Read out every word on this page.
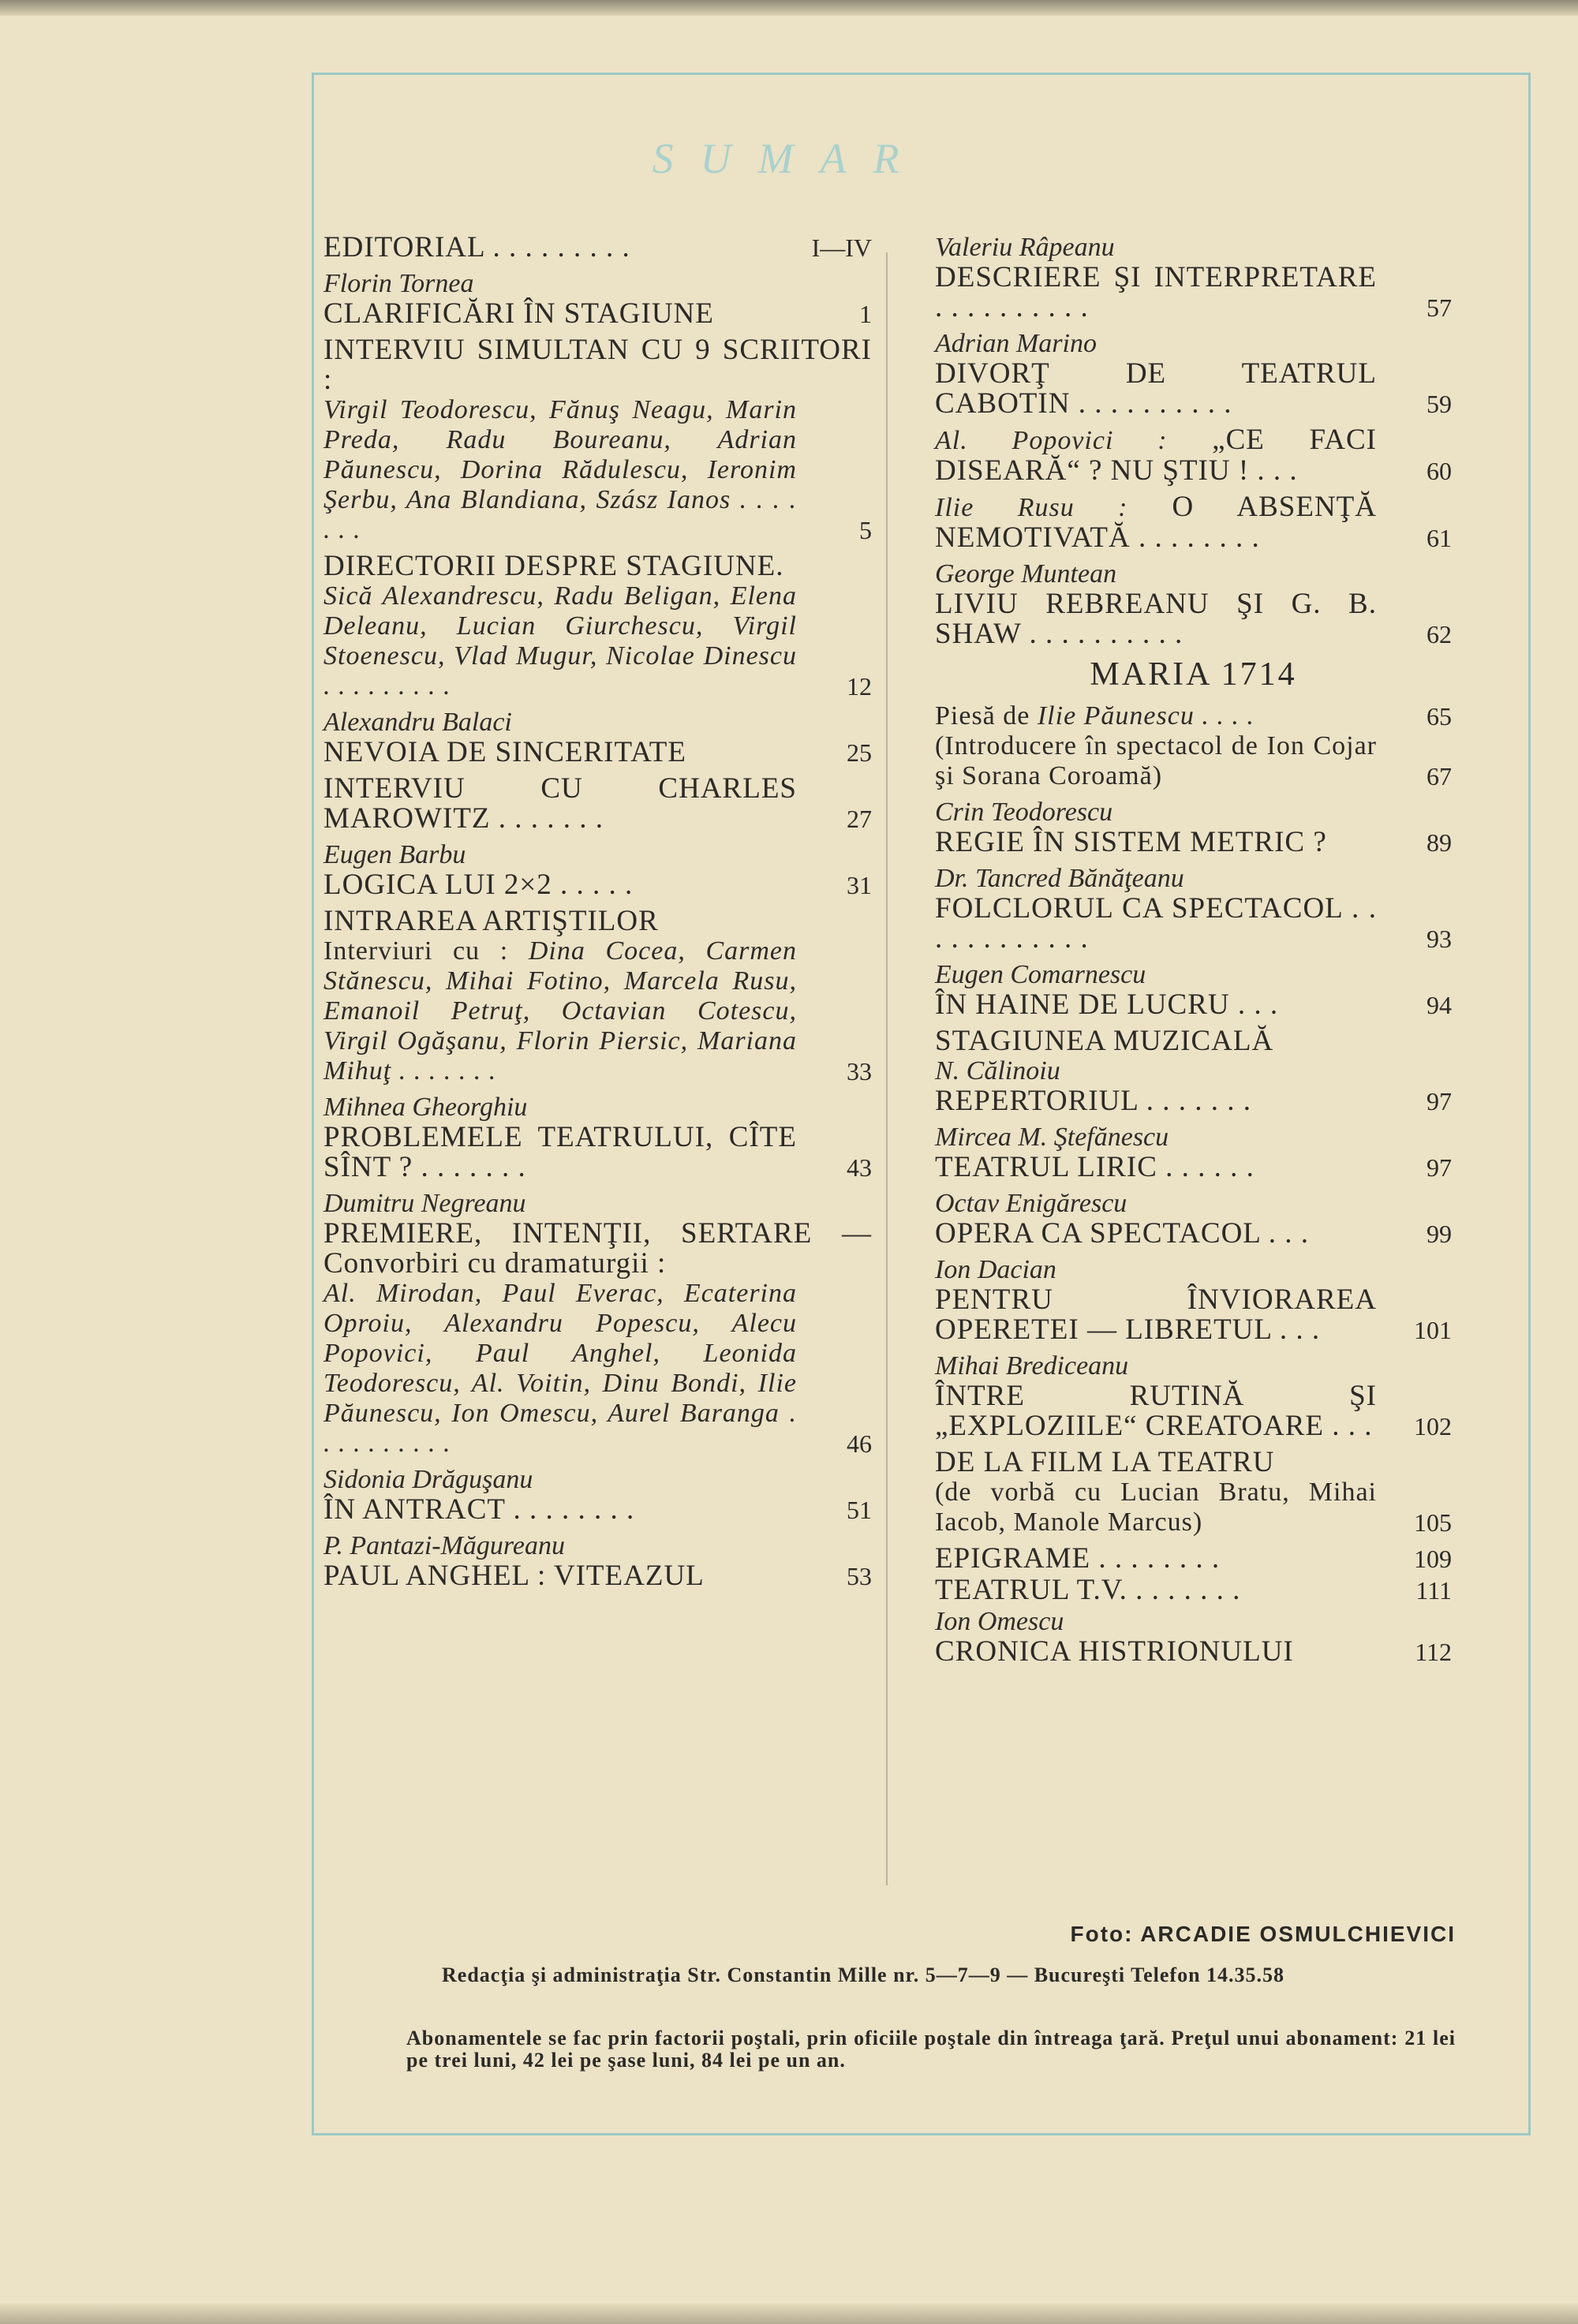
SUMAR
EDITORIAL . . . . . . . . .	I—IV
Florin Tornea
CLARIFICĂRI ÎN STAGIUNE	1
INTERVIU SIMULTAN CU 9 SCRIITORI :
Virgil Teodorescu, Fănuş Neagu, Marin Preda, Radu Boureanu, Adrian Păunescu, Dorina Rădulescu, Ieronim Şerbu, Ana Blandiana, Szász Ianos . . . . . . .	5
DIRECTORII DESPRE STAGIUNE.
Sică Alexandrescu, Radu Beligan, Elena Deleanu, Lucian Giurchescu, Virgil Stoenescu, Vlad Mugur, Nicolae Dinescu . . . . . . . . .	12
Alexandru Balaci
NEVOIA DE SINCERITATE	25
INTERVIU CU CHARLES MAROWITZ . . . . . . .	27
Eugen Barbu
LOGICA LUI 2×2 . . . . .	31
INTRAREA ARTIŞTILOR
Interviuri cu : Dina Cocea, Carmen Stănescu, Mihai Fotino, Marcela Rusu, Emanoil Petruţ, Octavian Cotescu, Virgil Ogăşanu, Florin Piersic, Mariana Mihuţ . . . . . . .	33
Mihnea Gheorghiu
PROBLEMELE TEATRULUI, CÎTE SÎNT ? . . . . . . .	43
Dumitru Negreanu
PREMIERE, INTENŢII, SERTARE — Convorbiri cu dramaturgii :
Al. Mirodan, Paul Everac, Ecaterina Oproiu, Alexandru Popescu, Alecu Popovici, Paul Anghel, Leonida Teodorescu, Al. Voitin, Dinu Bondi, Ilie Păunescu, Ion Omescu, Aurel Baranga . . . . . . . . . .	46
Sidonia Drăguşanu
ÎN ANTRACT . . . . . . . .	51
P. Pantazi-Măgureanu
PAUL ANGHEL : VITEAZUL	53
Valeriu Râpeanu
DESCRIERE ŞI INTERPRETARE . . . . . . . . . .	57
Adrian Marino
DIVORŢ DE TEATRUL CABOTIN . . . . . . . . . .	59
Al. Popovici : „CE FACI DISEARĂ“ ? NU ŞTIU ! . . .	60
Ilie Rusu : O ABSENŢĂ NEMOTIVATĂ . . . . . . . .	61
George Muntean
LIVIU REBREANU ŞI G. B. SHAW . . . . . . . . . .	62
MARIA 1714
Piesă de Ilie Păunescu . . . .	65
(Introducere în spectacol de Ion Cojar şi Sorana Coroamă)	67
Crin Teodorescu
REGIE ÎN SISTEM METRIC ?	89
Dr. Tancred Bănăţeanu
FOLCLORUL CA SPECTACOL . . . . . . . . . . . .	93
Eugen Comarnescu
ÎN HAINE DE LUCRU . . .	94
STAGIUNEA MUZICALĂ
N. Călinoiu
REPERTORIUL . . . . . . .	97
Mircea M. Ştefănescu
TEATRUL LIRIC . . . . . .	97
Octav Enigărescu
OPERA CA SPECTACOL . . .	99
Ion Dacian
PENTRU ÎNVIORAREA OPERETEI — LIBRETUL . . .	101
Mihai Brediceanu
ÎNTRE RUTINĂ ŞI „EXPLOZIILE“ CREATOARE . . .	102
DE LA FILM LA TEATRU
(de vorbă cu Lucian Bratu, Mihai Iacob, Manole Marcus)	105
EPIGRAME . . . . . . . .	109
TEATRUL T.V. . . . . . . .	111
Ion Omescu
CRONICA HISTRIONULUI	112
Foto: ARCADIE OSMULCHIEVICI
Redacţia şi administraţia Str. Constantin Mille nr. 5—7—9 — Bucureşti Telefon 14.35.58
Abonamentele se fac prin factorii poştali, prin oficiile poştale din întreaga ţară. Preţul unui abonament: 21 lei pe trei luni, 42 lei pe şase luni, 84 lei pe un an.
